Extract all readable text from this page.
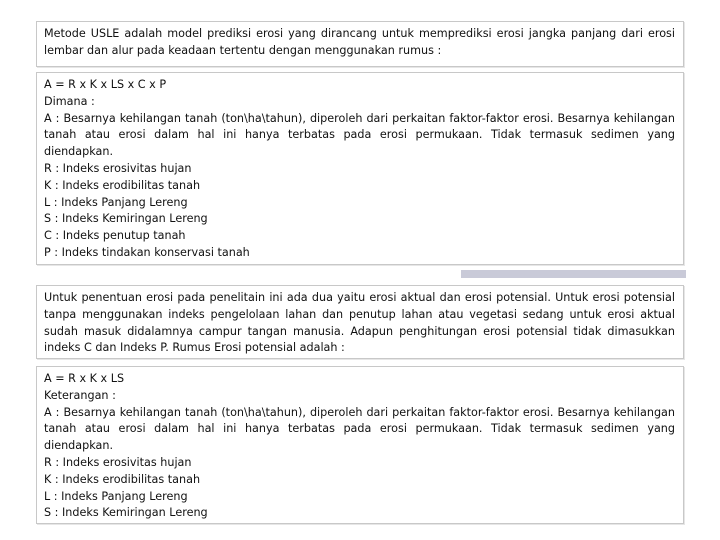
Metode USLE adalah model prediksi erosi yang dirancang untuk memprediksi erosi jangka panjang dari erosi lembar dan alur pada keadaan tertentu dengan menggunakan rumus :

A = R x K x LS x C x P

Dimana :

A : Besarnya kehilangan tanah (ton\ha\tahun), diperoleh dari perkaitan faktor-faktor erosi. Besarnya kehilangan tanah atau erosi dalam hal ini hanya terbatas pada erosi permukaan. Tidak termasuk sedimen yang diendapkan.

R : Indeks erosivitas hujan

K : Indeks erodibilitas tanah

L : Indeks Panjang Lereng

S : Indeks Kemiringan Lereng

C : Indeks penutup tanah

P : Indeks tindakan konservasi tanah

Untuk penentuan erosi pada penelitain ini ada dua yaitu erosi aktual dan erosi potensial. Untuk erosi potensial tanpa menggunakan indeks pengelolaan lahan dan penutup lahan atau vegetasi sedang untuk erosi aktual sudah masuk didalamnya campur tangan manusia. Adapun penghitungan erosi potensial tidak dimasukkan indeks C dan Indeks P. Rumus Erosi potensial adalah :

A = R x K x LS

Keterangan :

A : Besarnya kehilangan tanah (ton\ha\tahun), diperoleh dari perkaitan faktor-faktor erosi. Besarnya kehilangan tanah atau erosi dalam hal ini hanya terbatas pada erosi permukaan. Tidak termasuk sedimen yang diendapkan.

R : Indeks erosivitas hujan

K : Indeks erodibilitas tanah

L : Indeks Panjang Lereng

S : Indeks Kemiringan Lereng
